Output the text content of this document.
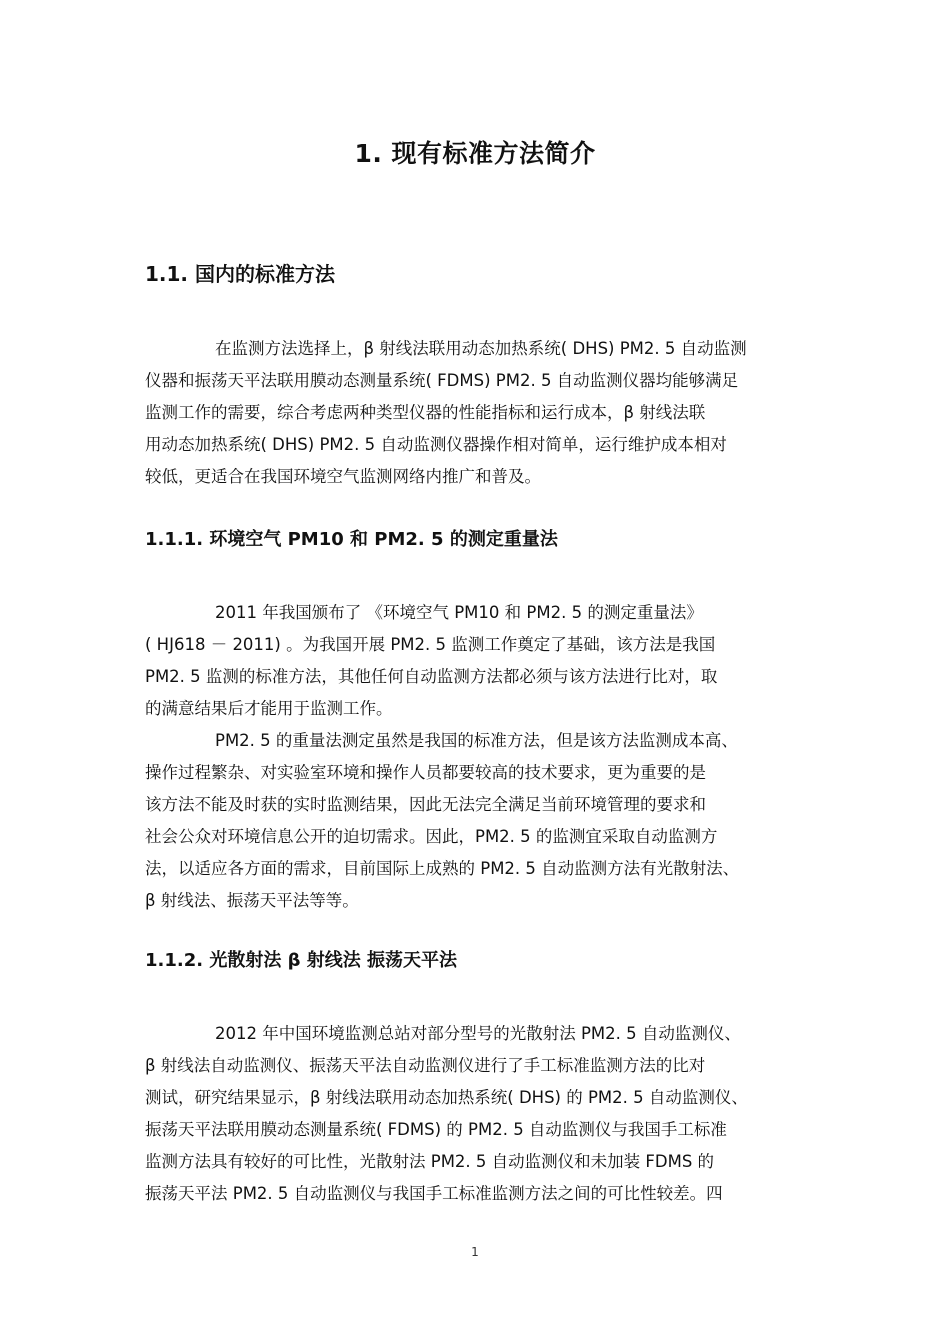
1. 现有标准方法简介
1.1. 国内的标准方法
在监测方法选择上，β 射线法联用动态加热系统( DHS) PM2. 5 自动监测
仪器和振荡天平法联用膜动态测量系统( FDMS) PM2. 5 自动监测仪器均能够满足
监测工作的需要，综合考虑两种类型仪器的性能指标和运行成本，β 射线法联
用动态加热系统( DHS) PM2. 5 自动监测仪器操作相对简单，运行维护成本相对
较低，更适合在我国环境空气监测网络内推广和普及。
1.1.1. 环境空气 PM10 和 PM2. 5 的测定重量法
2011 年我国颁布了 《环境空气 PM10 和 PM2. 5 的测定重量法》
( HJ618 － 2011) 。为我国开展 PM2. 5 监测工作奠定了基础，该方法是我国
PM2. 5 监测的标准方法，其他任何自动监测方法都必须与该方法进行比对，取
的满意结果后才能用于监测工作。
PM2. 5 的重量法测定虽然是我国的标准方法，但是该方法监测成本高、
操作过程繁杂、对实验室环境和操作人员都要较高的技术要求，更为重要的是
该方法不能及时获的实时监测结果，因此无法完全满足当前环境管理的要求和
社会公众对环境信息公开的迫切需求。因此，PM2. 5 的监测宜采取自动监测方
法，以适应各方面的需求，目前国际上成熟的 PM2. 5 自动监测方法有光散射法、
β 射线法、振荡天平法等等。
1.1.2. 光散射法 β 射线法 振荡天平法
2012 年中国环境监测总站对部分型号的光散射法 PM2. 5 自动监测仪、
β 射线法自动监测仪、振荡天平法自动监测仪进行了手工标准监测方法的比对
测试，研究结果显示，β 射线法联用动态加热系统( DHS) 的 PM2. 5 自动监测仪、
振荡天平法联用膜动态测量系统( FDMS) 的 PM2. 5 自动监测仪与我国手工标准
监测方法具有较好的可比性，光散射法 PM2. 5 自动监测仪和未加装 FDMS 的
振荡天平法 PM2. 5 自动监测仪与我国手工标准监测方法之间的可比性较差。四
1
